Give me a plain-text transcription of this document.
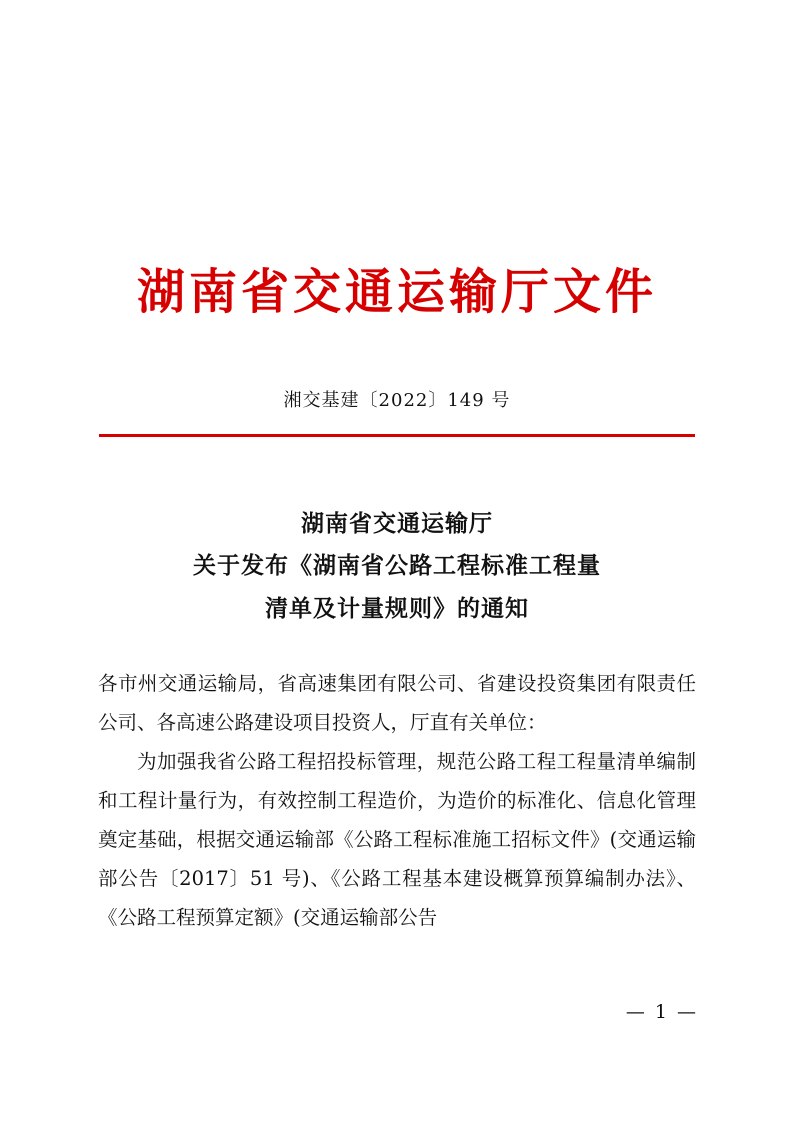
湖南省交通运输厅文件
湘交基建〔2022〕149 号
湖南省交通运输厅
关于发布《湖南省公路工程标准工程量
清单及计量规则》的通知

各市州交通运输局，省高速集团有限公司、省建设投资集团有限责任公司、各高速公路建设项目投资人，厅直有关单位：

为加强我省公路工程招投标管理，规范公路工程工程量清单编制和工程计量行为，有效控制工程造价，为造价的标准化、信息化管理奠定基础，根据交通运输部《公路工程标准施工招标文件》(交通运输部公告〔2017〕51 号)、《公路工程基本建设概算预算编制办法》、《公路工程预算定额》(交通运输部公告

— 1 —
